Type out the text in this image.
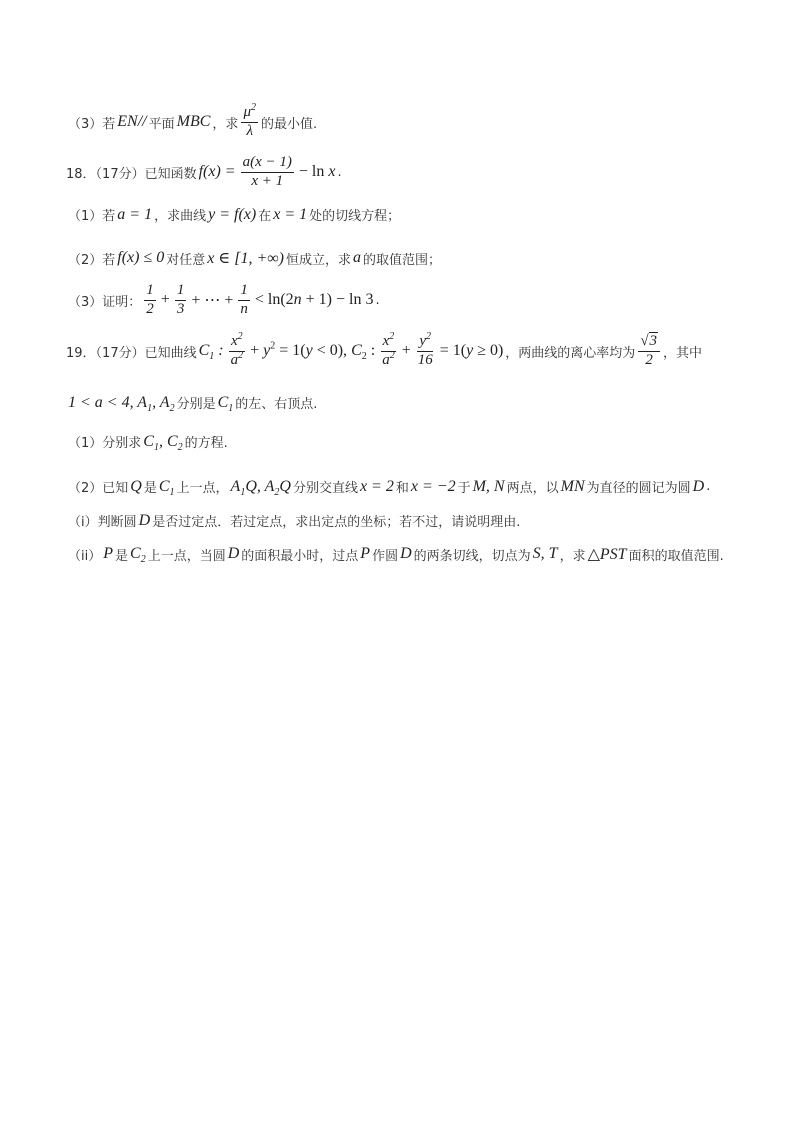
（3）若 EN// 平面 MBC ，求 $\frac{\mu^2}{\lambda}$ 的最小值.
18．（17分）已知函数 $f(x) = \frac{a(x - 1)}{x + 1} - \ln x$ .
（1）若 a = 1 ，求曲线 y = f(x) 在 x = 1 处的切线方程；
（2）若 f(x) ≤ 0 对任意 x ∈ [1, +∞) 恒成立，求 a 的取值范围；
（3）证明： $\frac{1}{2} + \frac{1}{3}$ + ⋯ + $\frac{1}{n} < \ln(2n + 1) - \ln 3$ .
19．（17分）已知曲线 $C_1$ : $\frac{x^2}{a^2} + y^2 = 1(y < 0)$, $C_2$ : $\frac{x^2}{a^2} + \frac{y^2}{16} = 1(y \ge 0)$ ，两曲线的离心率均为 $\frac{√3}{2}$ ，其中
1 < a < 4, $A_1$, $A_2$ 分别是 $C_1$ 的左、右顶点.
（1）分别求 $C_1$, $C_2$ 的方程.
（2）已知 Q 是 $C_1$ 上一点， $A_1Q$, $A_2Q$ 分别交直线 x = 2 和 x = −2 于 M, N 两点，以 MN 为直径的圆记为圆 D .
（i）判断圆 D 是否过定点．若过定点，求出定点的坐标；若不过，请说明理由.
（ii） P 是 $C_2$ 上一点，当圆 D 的面积最小时，过点 P 作圆 D 的两条切线，切点为 S, T ，求 △PST 面积的取值范围.
